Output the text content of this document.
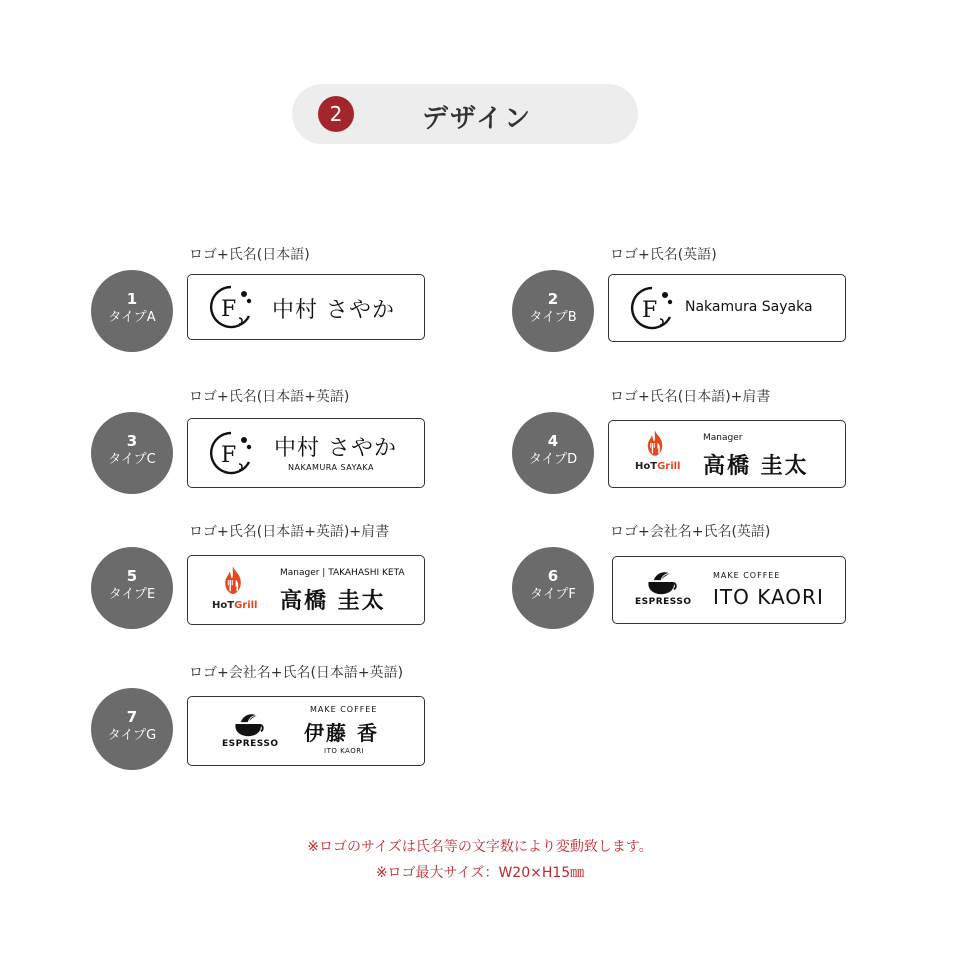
2	デザイン
ロゴ+氏名(日本語)
1
タイプA	中村 さやか
ロゴ+氏名(英語)
2
タイプB
Nakamura Sayaka
ロゴ+氏名(日本語+英語)
3
タイプC	中村 さやか
NAKAMURA SAYAKA
ロゴ+氏名(日本語)+肩書
4
タイプD	HoTGrill
Manager
高橋 圭太
ロゴ+氏名(日本語+英語)+肩書
5
タイプE
HoTGrill
Manager | TAKAHASHI KETA
高橋 圭太
ロゴ+会社名+氏名(英語)
6
タイプF	ESPRESSO
MAKE COFFEE
ITO KAORI
ロゴ+会社名+氏名(日本語+英語)
7
タイプG
ESPRESSO
MAKE COFFEE
伊藤 香
ITO KAORI
※ロゴのサイズは氏名等の文字数により変動致します。
※ロゴ最大サイズ：W20×H15㎜
